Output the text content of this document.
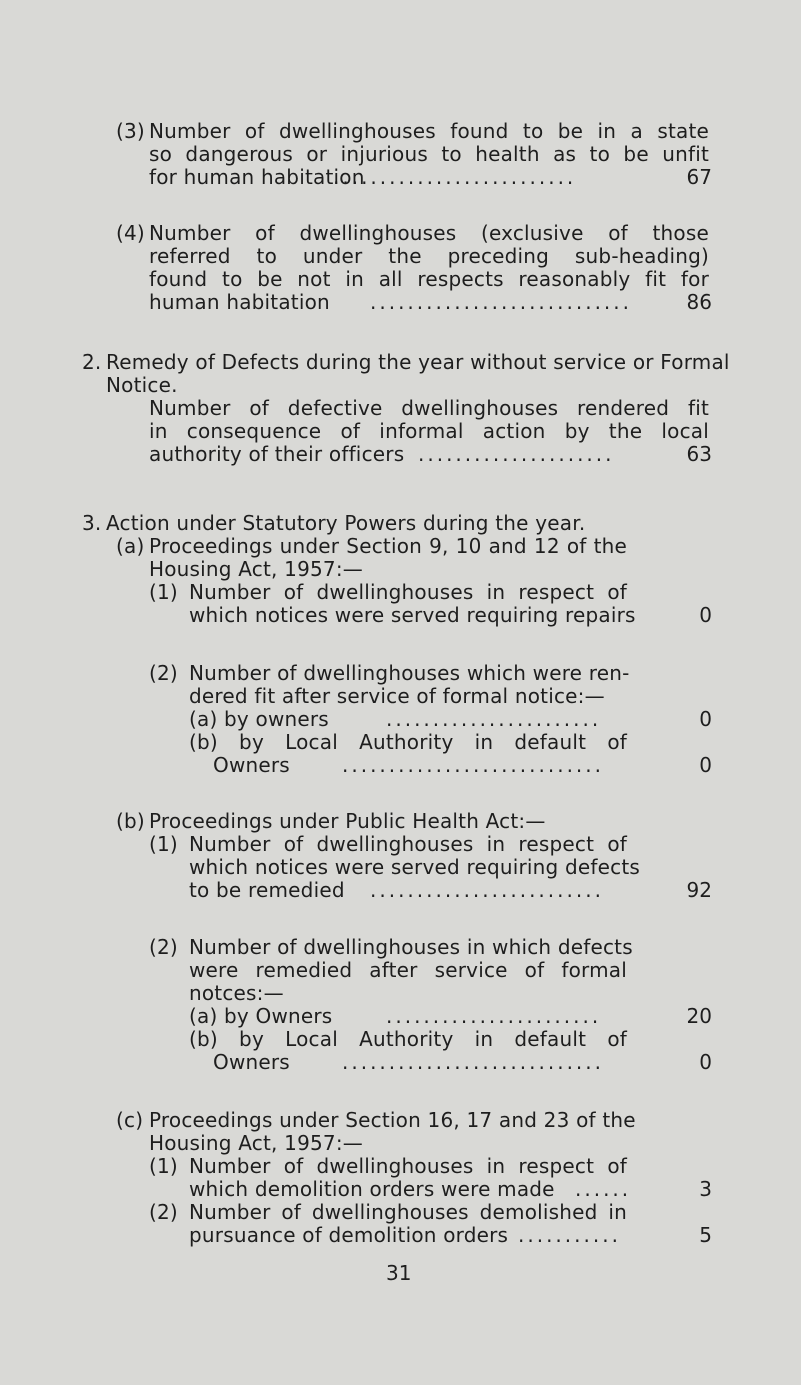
(3) Number of dwellinghouses found to be in a state
so dangerous or injurious to health as to be unfit
for human habitation
..........................	67
(4) Number of dwellinghouses (exclusive of those
referred to under the preceding sub-heading)
found to be not in all respects reasonably fit for
human habitation ............................	86
2. Remedy of Defects during the year without service or Formal
Notice.
Number of defective dwellinghouses rendered fit
in consequence of informal action by the local
authority of their officers .....................	63
3. Action under Statutory Powers during the year.
(a) Proceedings under Section 9, 10 and 12 of the
Housing Act, 1957:—
(1) Number of dwellinghouses in respect of
which notices were served requiring repairs	0
(2) Number of dwellinghouses which were ren-
dered fit after service of formal notice:—
(a) by owners	.......................	0
(b) by Local Authority in default of
Owners	............................	0
(b) Proceedings under Public Health Act:—
(1) Number of dwellinghouses in respect of
which notices were served requiring defects
to be remedied .........................	92
(2) Number of dwellinghouses in which defects
were remedied after service of formal
notces:—
(a) by Owners	.......................	20
(b) by Local Authority in default of
Owners	............................	0
(c) Proceedings under Section 16, 17 and 23 of the
Housing Act, 1957:—
(1) Number of dwellinghouses in respect of
which demolition orders were made ......	3
(2) Number of dwellinghouses demolished in
pursuance of demolition orders ...........	5
31
